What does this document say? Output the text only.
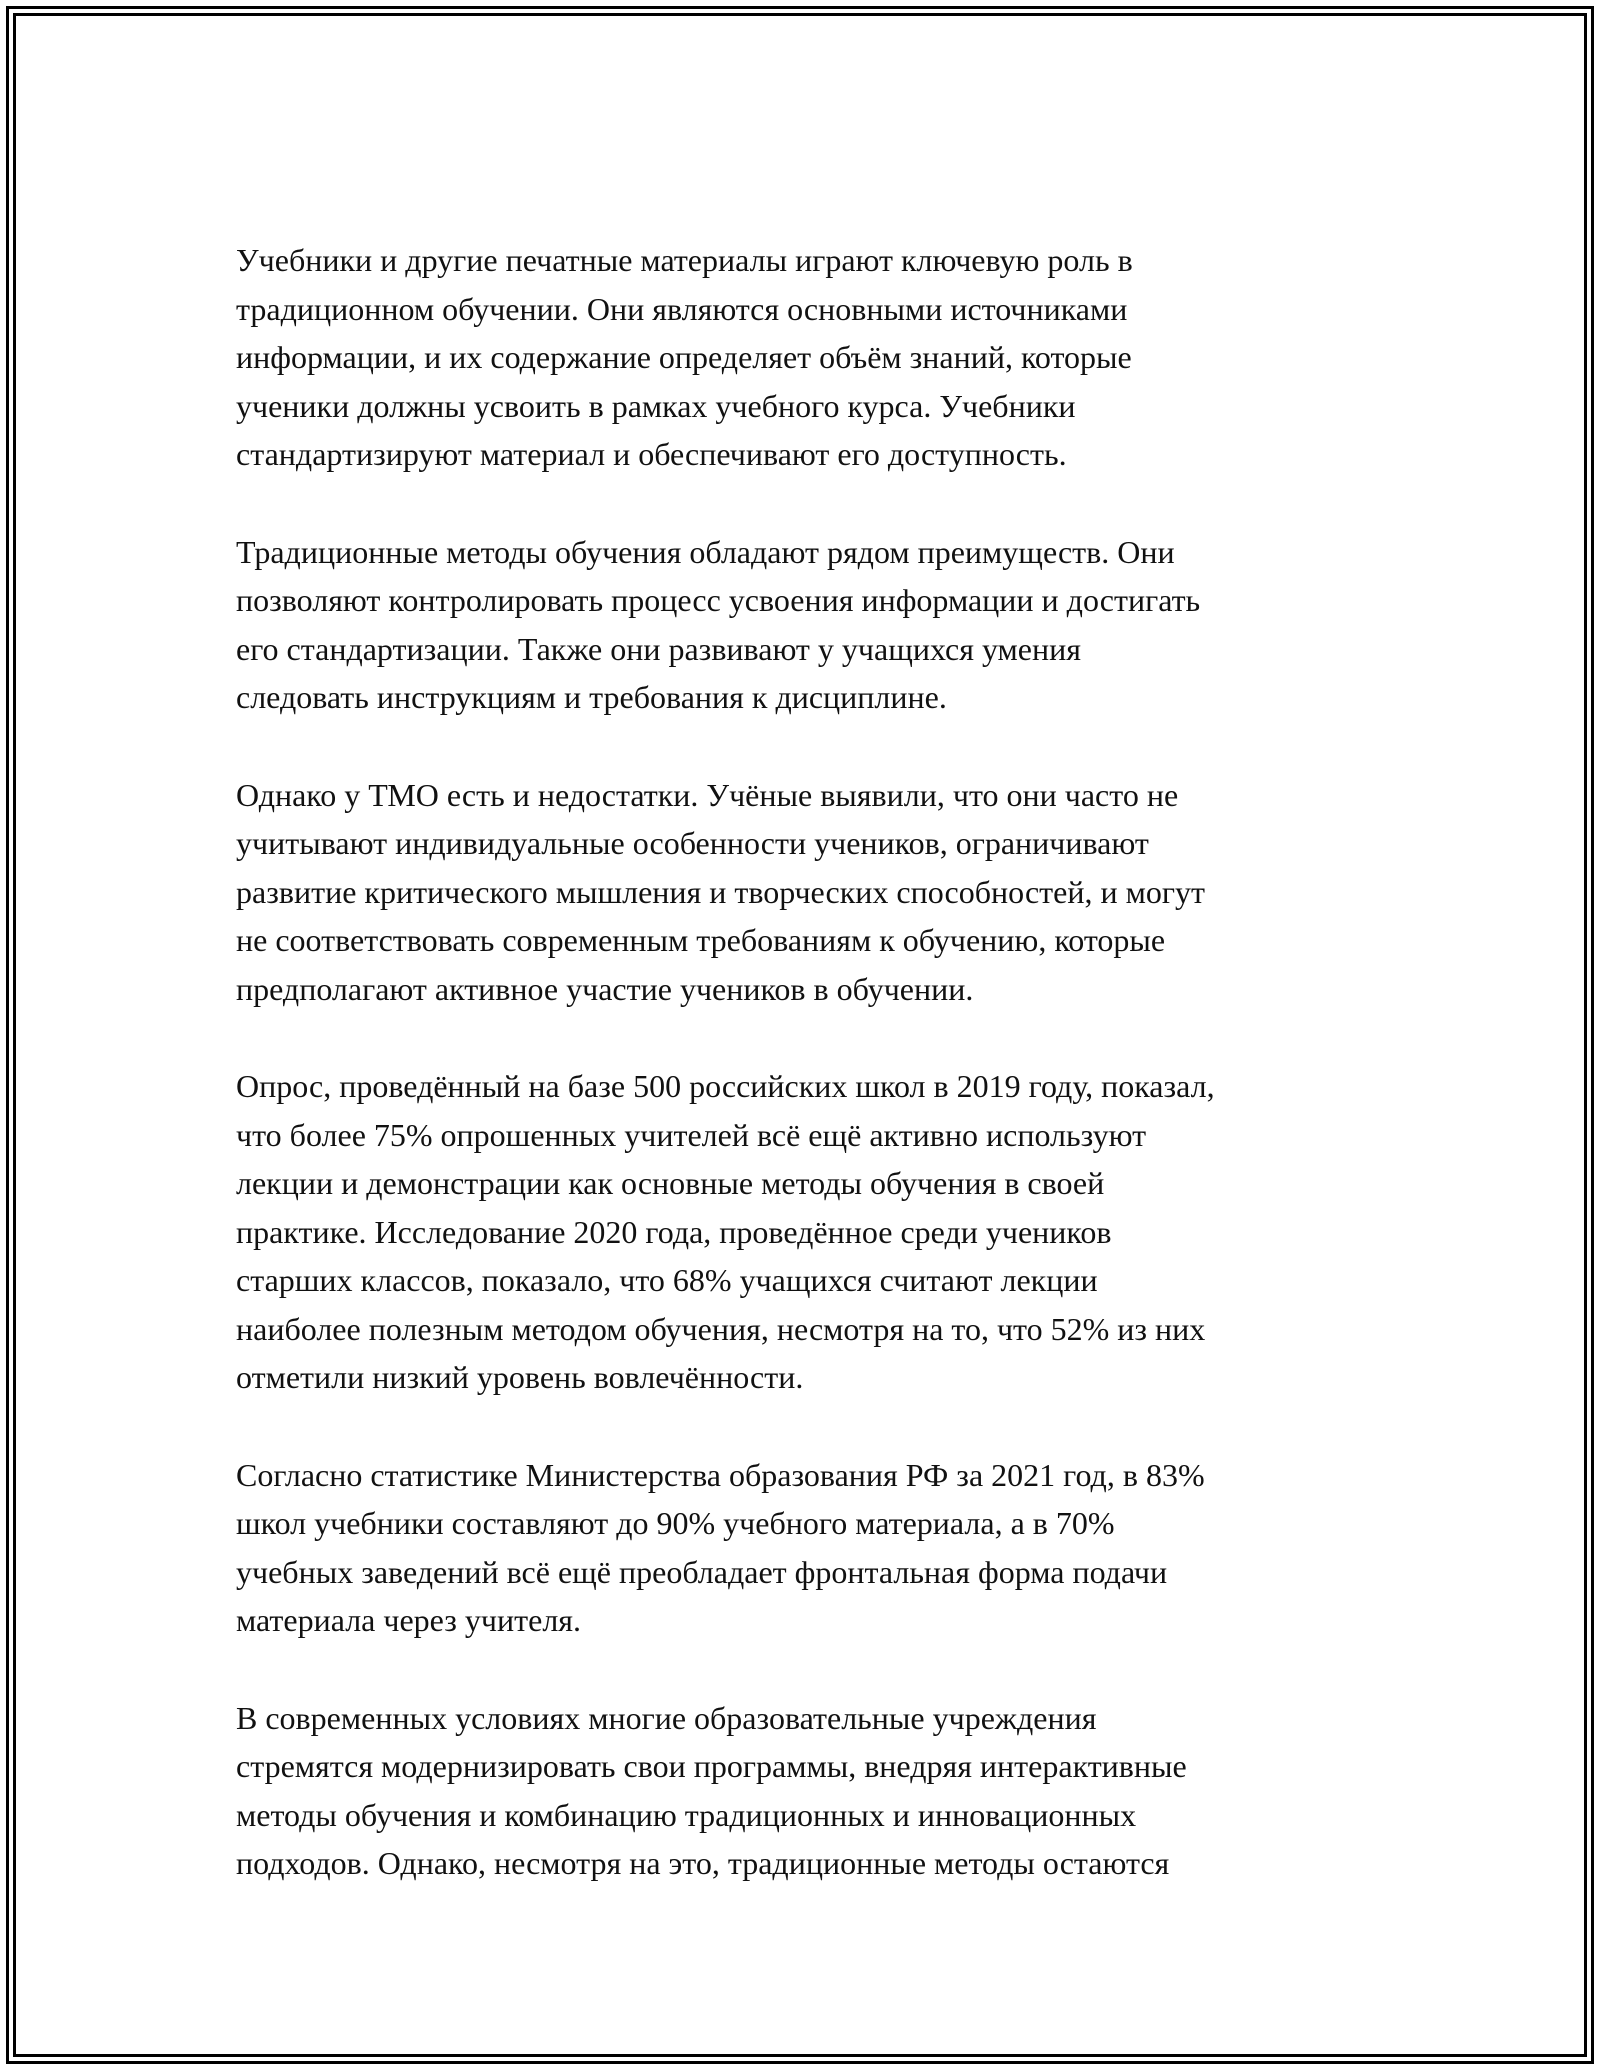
Учебники и другие печатные материалы играют ключевую роль в
традиционном обучении. Они являются основными источниками
информации, и их содержание определяет объём знаний, которые
ученики должны усвоить в рамках учебного курса. Учебники
стандартизируют материал и обеспечивают его доступность.

Традиционные методы обучения обладают рядом преимуществ. Они
позволяют контролировать процесс усвоения информации и достигать
его стандартизации. Также они развивают у учащихся умения
следовать инструкциям и требования к дисциплине.

Однако у ТМО есть и недостатки. Учёные выявили, что они часто не
учитывают индивидуальные особенности учеников, ограничивают
развитие критического мышления и творческих способностей, и могут
не соответствовать современным требованиям к обучению, которые
предполагают активное участие учеников в обучении.

Опрос, проведённый на базе 500 российских школ в 2019 году, показал,
что более 75% опрошенных учителей всё ещё активно используют
лекции и демонстрации как основные методы обучения в своей
практике. Исследование 2020 года, проведённое среди учеников
старших классов, показало, что 68% учащихся считают лекции
наиболее полезным методом обучения, несмотря на то, что 52% из них
отметили низкий уровень вовлечённости.

Согласно статистике Министерства образования РФ за 2021 год, в 83%
школ учебники составляют до 90% учебного материала, а в 70%
учебных заведений всё ещё преобладает фронтальная форма подачи
материала через учителя.

В современных условиях многие образовательные учреждения
стремятся модернизировать свои программы, внедряя интерактивные
методы обучения и комбинацию традиционных и инновационных
подходов. Однако, несмотря на это, традиционные методы остаются
